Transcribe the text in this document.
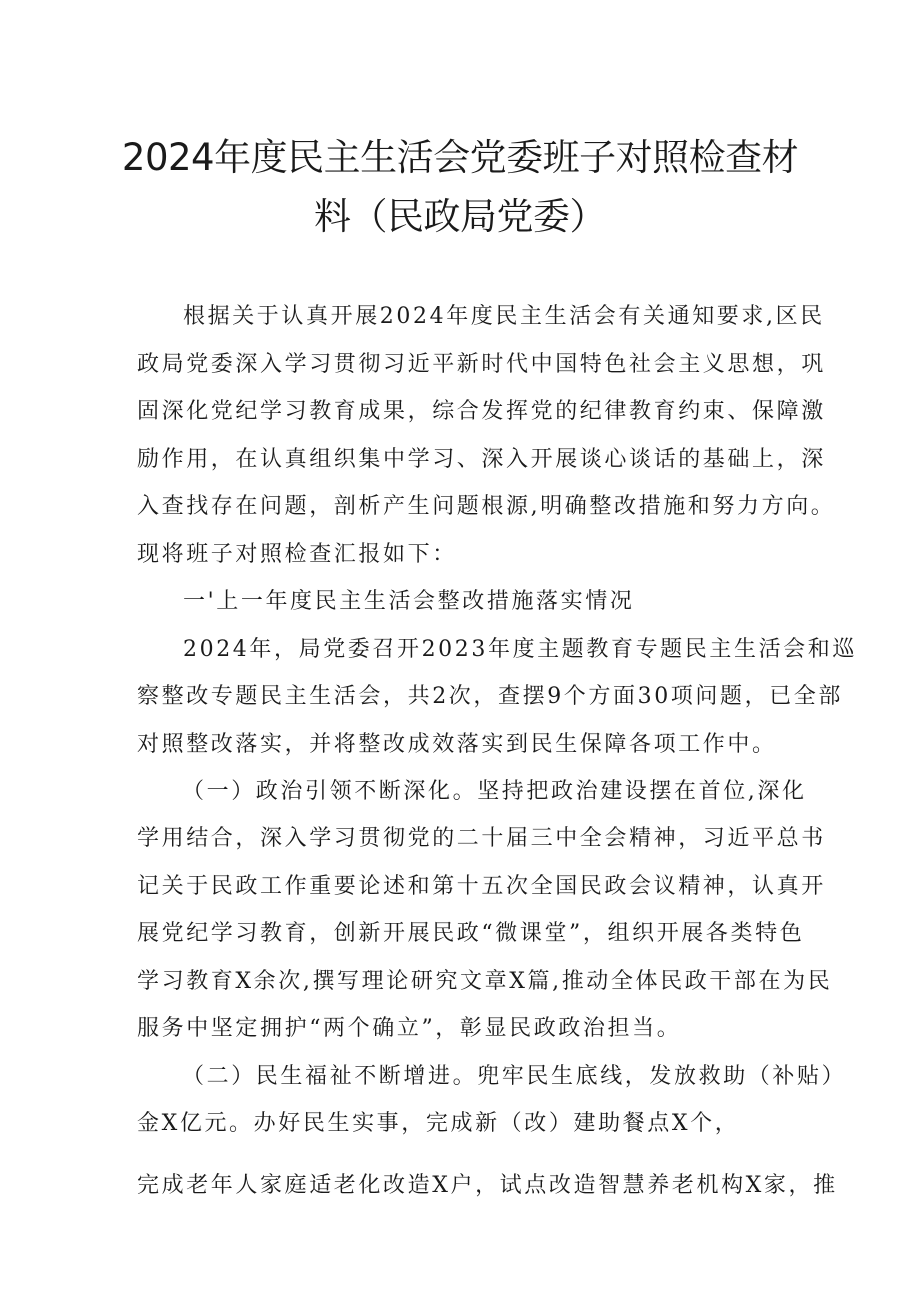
2024年度民主生活会党委班子对照检查材
料（民政局党委）
根据关于认真开展2024年度民主生活会有关通知要求,区民
政局党委深入学习贯彻习近平新时代中国特色社会主义思想，巩
固深化党纪学习教育成果，综合发挥党的纪律教育约束、保障激
励作用，在认真组织集中学习、深入开展谈心谈话的基础上，深
入查找存在问题，剖析产生问题根源,明确整改措施和努力方向。
现将班子对照检查汇报如下：
一'上一年度民主生活会整改措施落实情况
2024年，局党委召开2023年度主题教育专题民主生活会和巡
察整改专题民主生活会，共2次，查摆9个方面30项问题，已全部
对照整改落实，并将整改成效落实到民生保障各项工作中。
（一）政治引领不断深化。坚持把政治建设摆在首位,深化
学用结合，深入学习贯彻党的二十届三中全会精神，习近平总书
记关于民政工作重要论述和第十五次全国民政会议精神，认真开
展党纪学习教育，创新开展民政“微课堂”，组织开展各类特色
学习教育X余次,撰写理论研究文章X篇,推动全体民政干部在为民
服务中坚定拥护“两个确立”，彰显民政政治担当。
（二）民生福祉不断增进。兜牢民生底线，发放救助（补贴）
金X亿元。办好民生实事，完成新（改）建助餐点X个，
完成老年人家庭适老化改造X户，试点改造智慧养老机构X家，推
